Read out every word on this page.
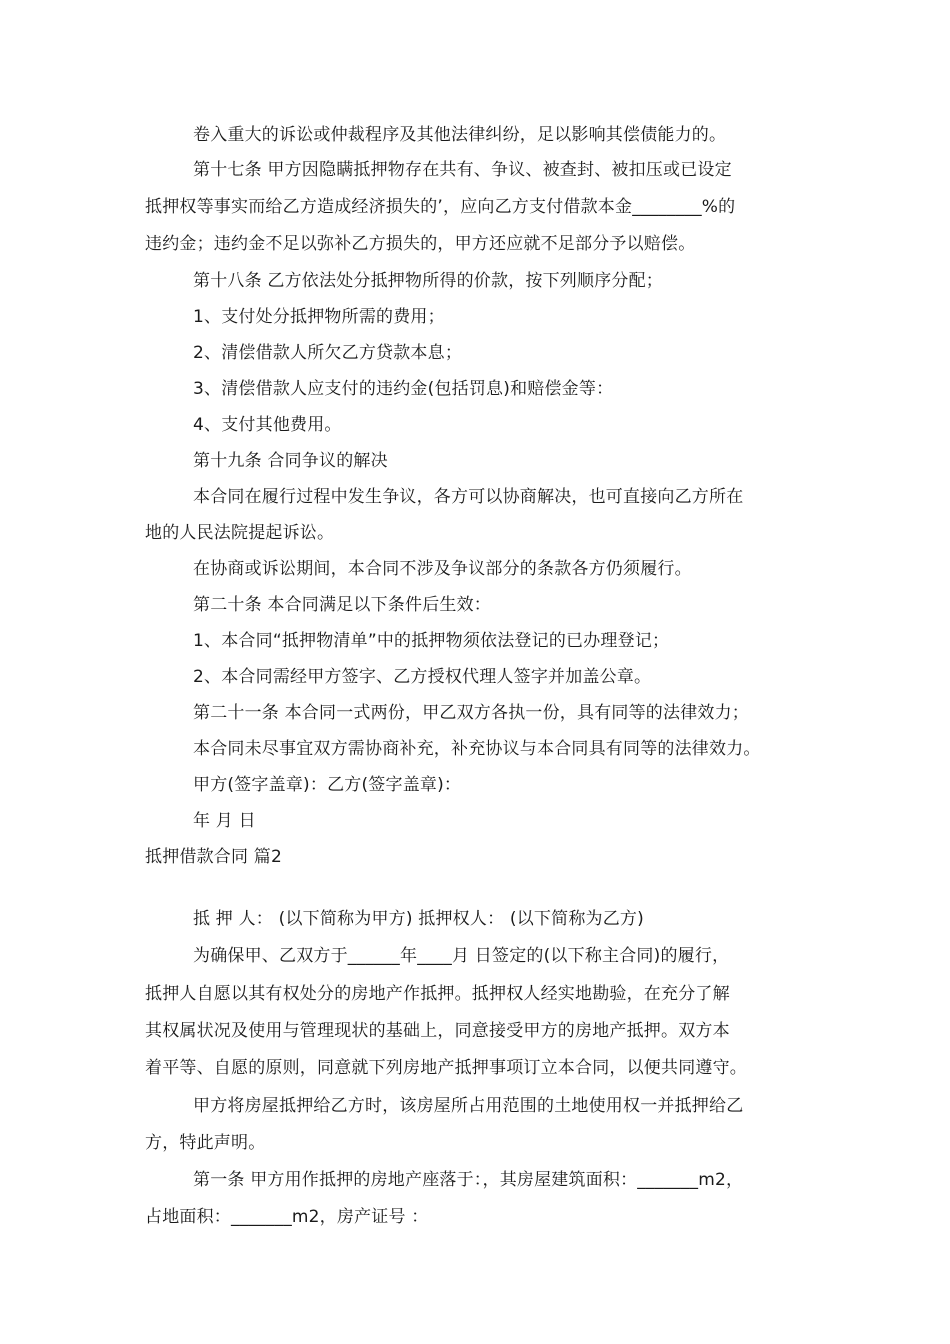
卷入重大的诉讼或仲裁程序及其他法律纠纷，足以影响其偿债能力的。
第十七条 甲方因隐瞒抵押物存在共有、争议、被查封、被扣压或已设定
抵押权等事实而给乙方造成经济损失的’，应向乙方支付借款本金________%的
违约金；违约金不足以弥补乙方损失的，甲方还应就不足部分予以赔偿。
第十八条 乙方依法处分抵押物所得的价款，按下列顺序分配；
1、支付处分抵押物所需的费用；
2、清偿借款人所欠乙方贷款本息；
3、清偿借款人应支付的违约金(包括罚息)和赔偿金等：
4、支付其他费用。
第十九条 合同争议的解决
本合同在履行过程中发生争议，各方可以协商解决，也可直接向乙方所在
地的人民法院提起诉讼。
在协商或诉讼期间，本合同不涉及争议部分的条款各方仍须履行。
第二十条 本合同满足以下条件后生效：
1、本合同“抵押物清单”中的抵押物须依法登记的已办理登记；
2、本合同需经甲方签字、乙方授权代理人签字并加盖公章。
第二十一条 本合同一式两份，甲乙双方各执一份，具有同等的法律效力；
本合同未尽事宜双方需协商补充，补充协议与本合同具有同等的法律效力。
甲方(签字盖章)：乙方(签字盖章)：
年 月 日
抵押借款合同 篇2
抵 押 人： (以下简称为甲方) 抵押权人： (以下简称为乙方)
为确保甲、乙双方于______年____月 日签定的(以下称主合同)的履行，
抵押人自愿以其有权处分的房地产作抵押。抵押权人经实地勘验，在充分了解
其权属状况及使用与管理现状的基础上，同意接受甲方的房地产抵押。双方本
着平等、自愿的原则，同意就下列房地产抵押事项订立本合同，以便共同遵守。
甲方将房屋抵押给乙方时，该房屋所占用范围的土地使用权一并抵押给乙
方，特此声明。
第一条 甲方用作抵押的房地产座落于：，其房屋建筑面积：_______m2，
占地面积：_______m2，房产证号 ：
